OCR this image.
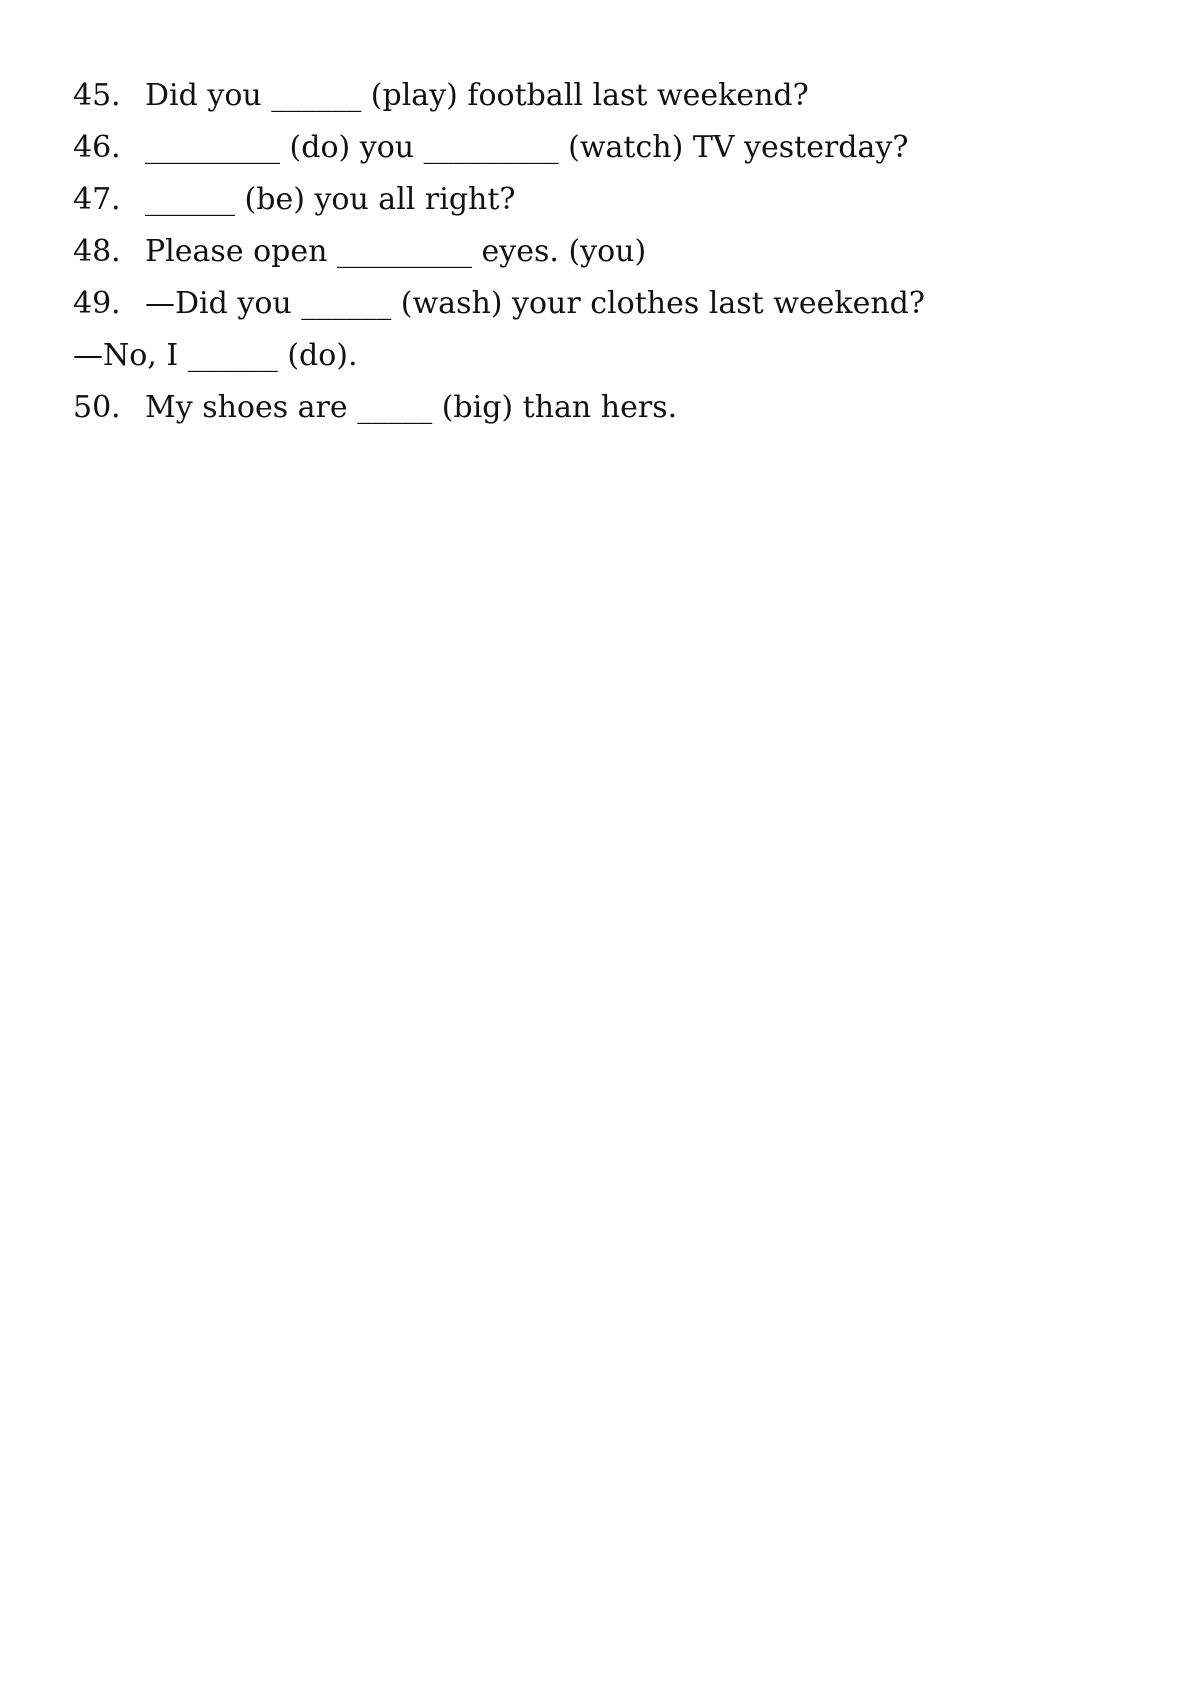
45． Did you ______ (play) football last weekend?
46． _________ (do) you _________ (watch) TV yesterday?
47． ______ (be) you all right?
48． Please open _________ eyes. (you)
49． —Did you ______ (wash) your clothes last weekend?
—No, I ______ (do).
50． My shoes are _____ (big) than hers.
